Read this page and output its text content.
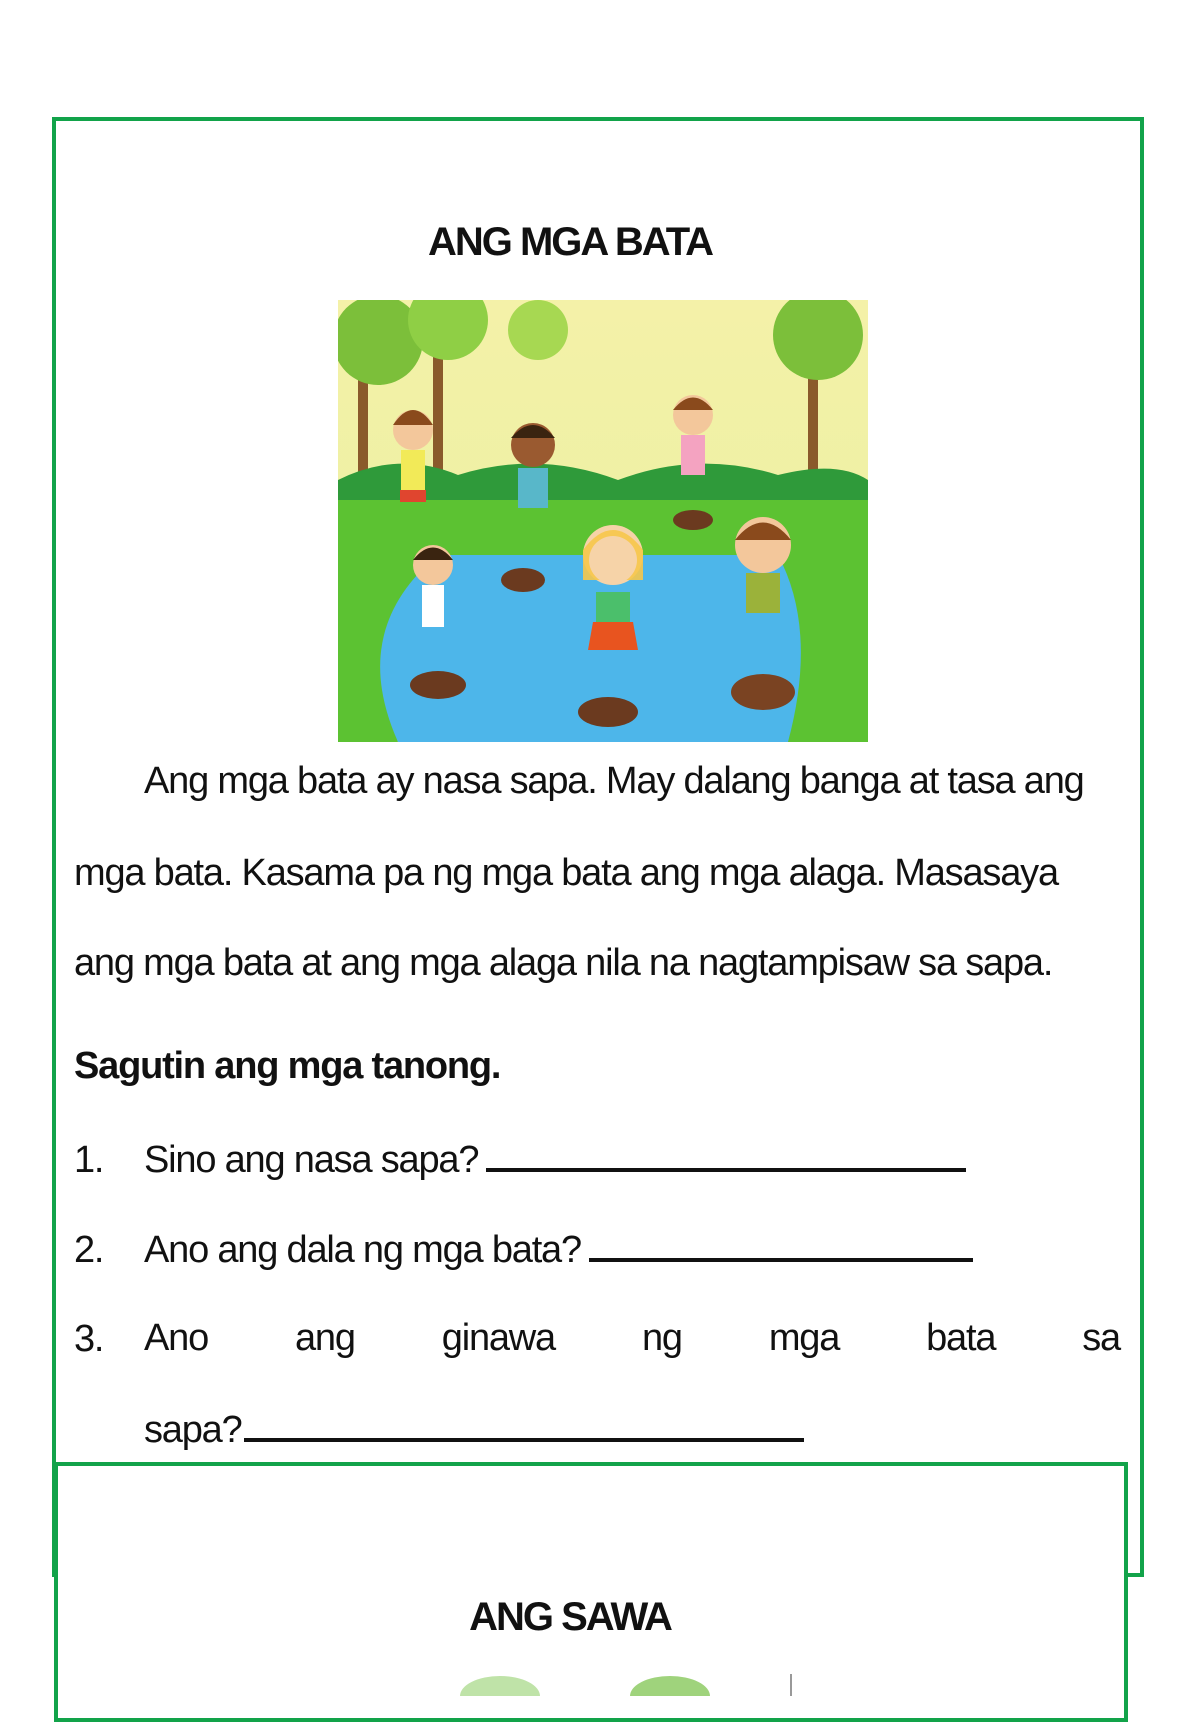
ANG MGA BATA
Ang mga bata ay nasa sapa. May dalang banga at tasa ang
mga bata. Kasama pa ng mga bata ang mga alaga. Masasaya
ang mga bata at ang mga alaga nila na nagtampisaw sa sapa.
Sagutin ang mga tanong.
1. Sino ang nasa sapa?
2. Ano ang dala ng mga bata?
3. Ano ang ginawa ng mga bata sa
sapa?
ANG SAWA
